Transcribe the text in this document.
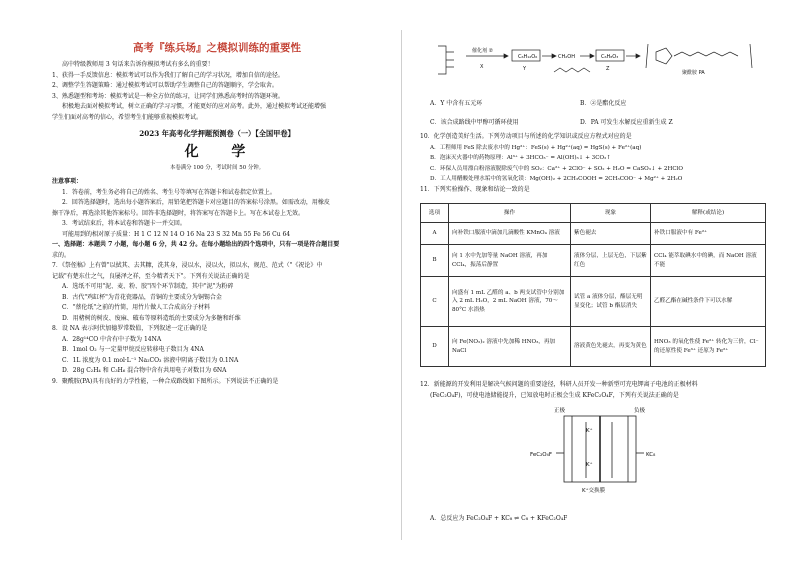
高考『练兵场』之模拟训练的重要性

高中特级教师用 3 句话来告诉你模拟考试有多么的重要！

1、获得一手反馈信息：模拟考试可以作为我们了解自己的学习状况，增加自信的途径。

2、调整学生答题策略：通过模拟考试可以帮助学生调整自己的答题顺序，学会取舍。

3、熟悉题型和考场：模拟考试是一种全方位的练习，让同学们熟悉高考时的答题环境。

积极地去面对模拟考试，树立正确的学习习惯，才能更好的应对高考。此外，通过模拟考试还能增强

学生们面对高考的信心，希望考生们能够重视模拟考试。

2023 年高考化学押题预测卷（一）【全国甲卷】
化 学
本卷满分 100 分，考试时间 50 分钟。

注意事项：

1．答卷前，考生务必将自己的姓名、考生号等填写在答题卡和试卷指定位置上。

2．回答选择题时，选出每小题答案后，用铅笔把答题卡对应题目的答案标号涂黑。如需改动，用橡皮

擦干净后，再选涂其他答案标号。回答非选择题时，将答案写在答题卡上。写在本试卷上无效。

3．考试结束后，将本试卷和答题卡一并交回。

可能用到的相对原子质量：H 1 C 12 N 14 O 16 Na 23 S 32 Mn 55 Fe 56 Cu 64

一、选择题：本题共 7 小题，每小题 6 分，共 42 分。在每小题给出的四个选项中，只有一项是符合题目要

求的。

7．《祭侄稿》上有曾"以拭其、去其糠，洗其身，浸以水，浸以火，拟以水，规范、范式（"《祝论》中

记载"有楚东仕之气，良屡泽之祥，至今精者天下"。下列有关说法正确的是

A．选纸不可用"泥、麦、粉、胶"四个环节制造，其中"泥"为粉碎

B．古代"鸡缸杯"为青花瓷器品，青铜的主要成分为铜锡合金

C．"蔡伦纸"之前的竹简，用竹片做人工合成高分子材料

D．用楮树的树皮、废麻、破布等原料造纸的主要成分为多糖和纤维

8．设 NA 表示阿伏加德罗常数值，下列叙述一定正确的是

A．28g¹⁴CO 中含有中子数为 14NA

B．1mol O₂ 与一定量甲烷反应转移电子数目为 4NA

C．1L 浓度为 0.1 mol·L⁻¹ Na₂CO₃ 溶液中阴离子数目为 0.1NA

D．28g C₂H₄ 和 C₃H₆ 混合物中含有共用电子对数目为 6NA

9．聚酰胺(PA)具有良好的力学性能，一种合成路线如下图所示。下列说法不正确的是

C₆H₁₂O₆	CH₂OH	C₆H₈O₃
催化剂 ②
X	Y	Z
聚酰胺 PA

A．Y 中含有五元环	B．②是酯化反应

C．该合成路线中甲醇可循环使用	D．PA 可发生水解反应重新生成 Z

10．化学创造美好生活。下列劳动项目与所述的化学知识或反应方程式对应的是

A．工程师用 FeS 除去废水中的 Hg²⁺：FeS(s) + Hg²⁺(aq) = HgS(s) + Fe²⁺(aq)

B．泡沫灭火器中的药物原理：Al³⁺ + 3HCO₃⁻ = Al(OH)₃↓ + 3CO₂↑

C．环保人员用漂白粉溶液脱除废气中的 SO₂：Ca²⁺ + 2ClO⁻ + SO₂ + H₂O = CaSO₃↓ + 2HClO

D．工人用醋酸处理水垢中的氢氧化镁：Mg(OH)₂ + 2CH₃COOH = 2CH₃COO⁻ + Mg²⁺ + 2H₂O

11．下列实验操作、现象和结论一致的是

选项	操作	现象	解释(或结论)
A	向补铁口服液中滴加几滴酸性 KMnO₄ 溶液	紫色褪去	补铁口服液中有 Fe²⁺
B	向 1 水中先加等量 NaOH 溶液，再加 CCl₄，振荡后静置	液体分层，上层无色，下层紫红色	CCl₄ 能萃取碘水中的碘，而 NaOH 溶液不能
C	向盛有 1 mL 乙醛的 a、b 两支试管中分别加入 2 mL H₂O，2 mL NaOH 溶液，70～80°C 水浴热	试管 a 液体分层，酯层无明显变化；试管 b 酯层消失	乙醛乙酯在碱性条件下可以水解
D	向 Fe(NO₃)₂ 溶液中先加稀 HNO₃，再加 NaCl	溶液黄色先褪去，再变为黄色	HNO₃ 的氧化性使 Fe²⁺ 转化为三价，Cl⁻ 的还原性使 Fe³⁺ 还原为 Fe²⁺

12．新能源的开发利用是解决气候问题的重要途径，科研人员开发一种新型可充电钾离子电池的正极材料

(FeC₂O₄F)，可使电池储能提升，已知放电时正极会生成 KFeC₂O₄F，下列有关说法正确的是

正极	负极
FeC₂O₄F	KC₈
K⁺
K⁺
K⁺交换膜

A．总反应为 FeC₂O₄F + KC₈ ⇌ C₈ + KFeC₂O₄F
